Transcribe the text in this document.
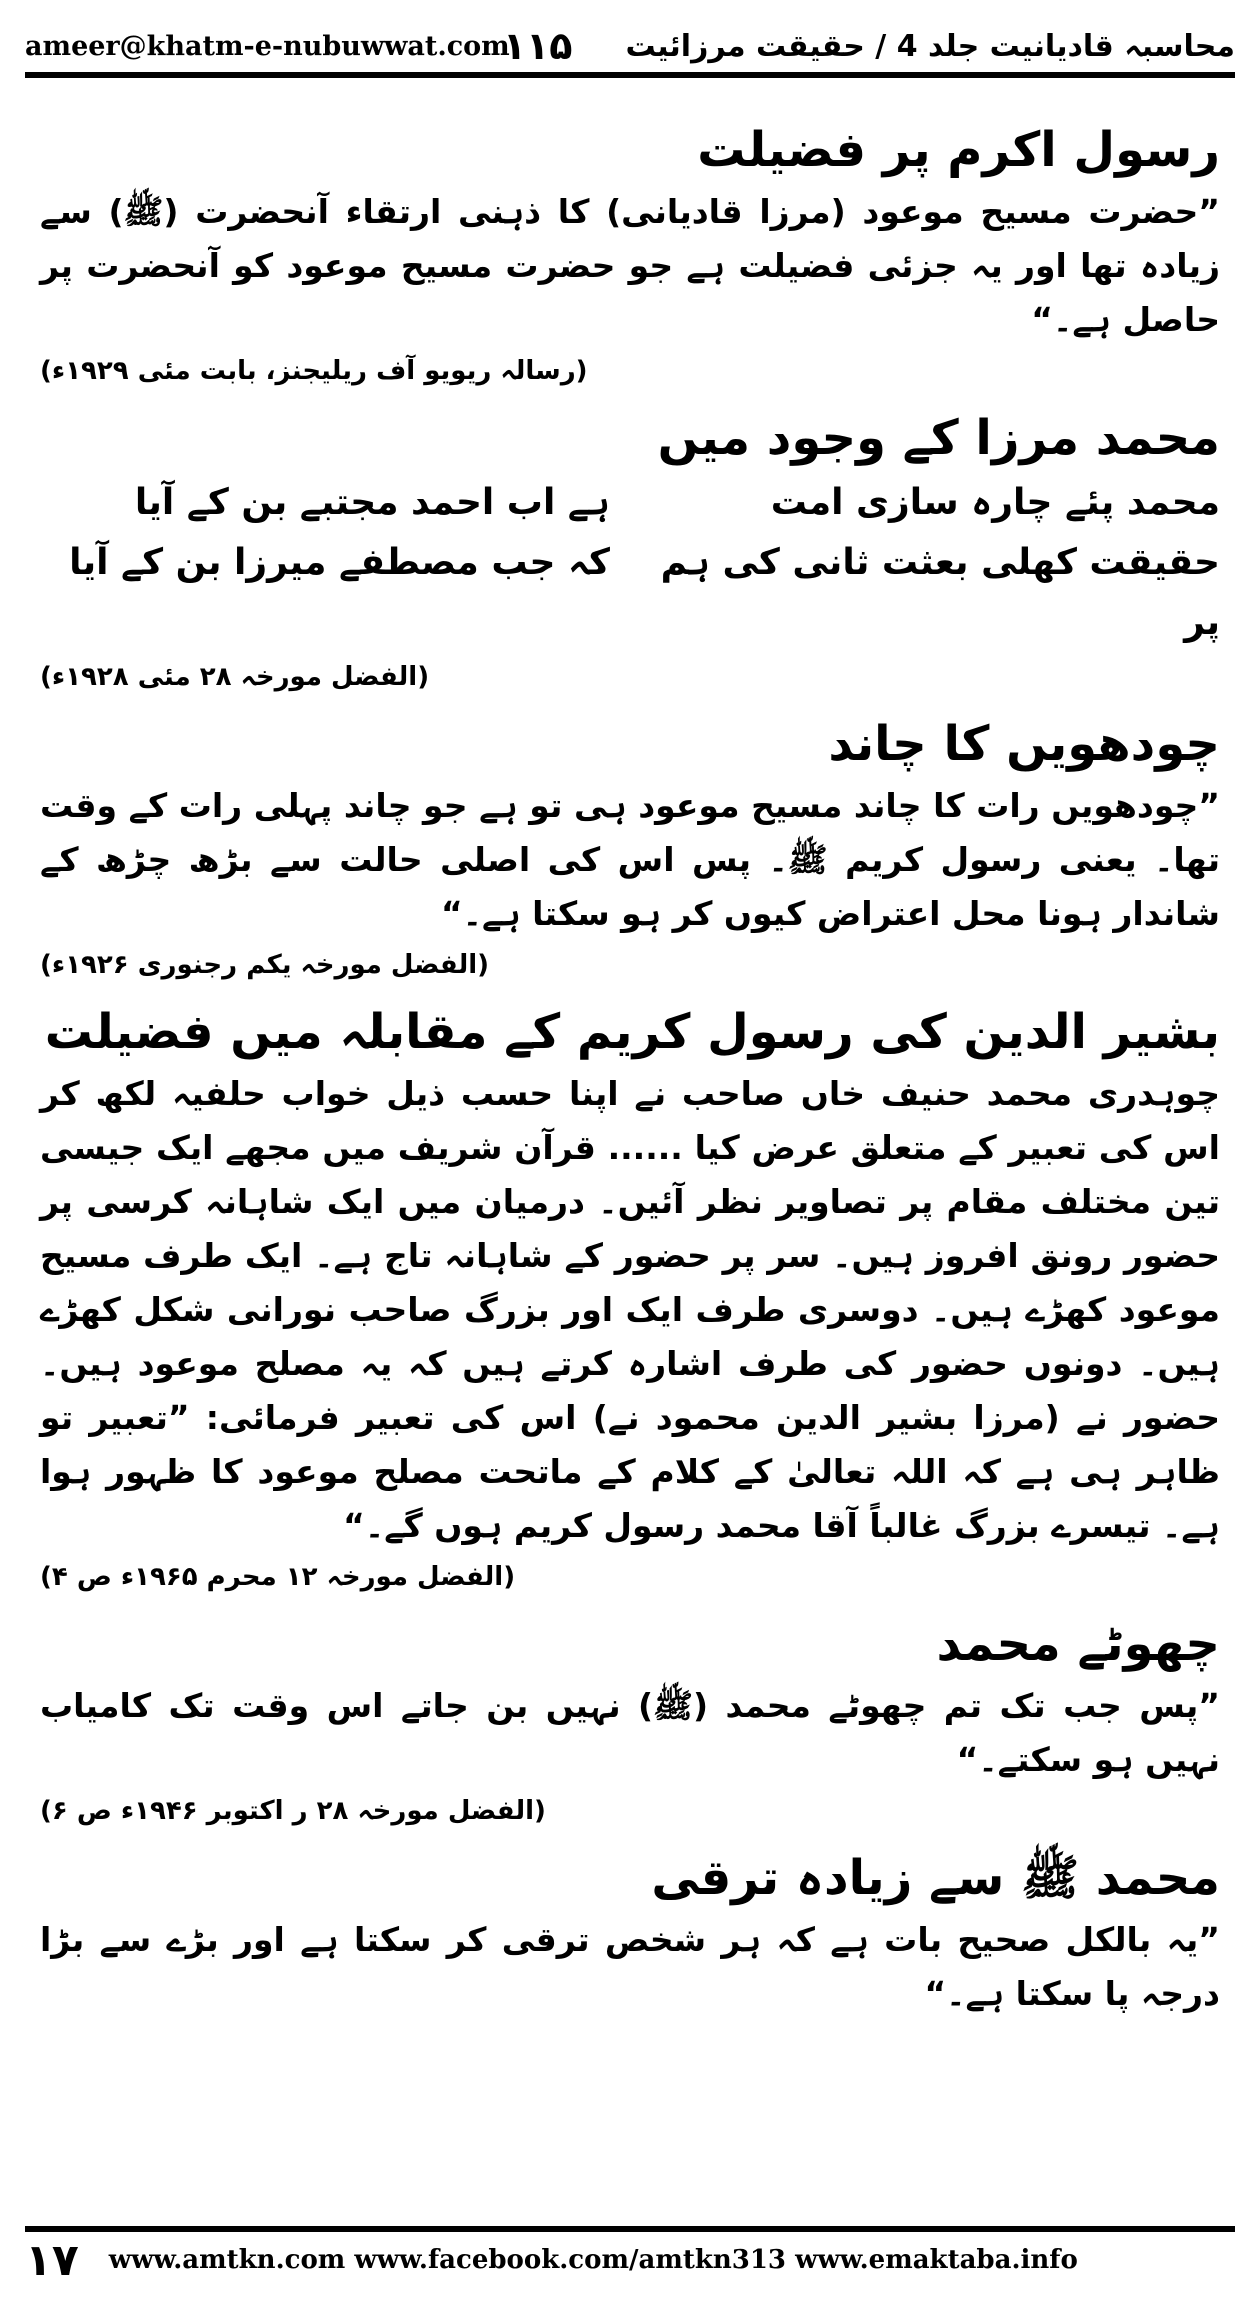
ameer@khatm-e-nubuwwat.com
۱۱۵ محاسبہ قادیانیت جلد 4 / حقیقت مرزائیت
رسول اکرم پر فضیلت

”حضرت مسیح موعود (مرزا قادیانی) کا ذہنی ارتقاء آنحضرت (ﷺ) سے زیادہ تھا اور یہ جزئی فضیلت ہے جو حضرت مسیح موعود کو آنحضرت پر حاصل ہے۔“

(رسالہ ریویو آف ریلیجنز، بابت مئی ۱۹۲۹ء)
محمد مرزا کے وجود میں
محمد پئے چارہ سازی امت
ہے اب احمد مجتبے بن کے آیا
حقیقت کھلی بعثت ثانی کی ہم پر
کہ جب مصطفے میرزا بن کے آیا
(الفضل مورخہ ۲۸ مئی ۱۹۲۸ء)
چودھویں کا چاند

”چودھویں رات کا چاند مسیح موعود ہی تو ہے جو چاند پہلی رات کے وقت تھا۔ یعنی رسول کریم ﷺ۔ پس اس کی اصلی حالت سے بڑھ چڑھ کے شاندار ہونا محل اعتراض کیوں کر ہو سکتا ہے۔“

(الفضل مورخہ یکم رجنوری ۱۹۲۶ء)
بشیر الدین کی رسول کریم کے مقابلہ میں فضیلت

چوہدری محمد حنیف خاں صاحب نے اپنا حسب ذیل خواب حلفیہ لکھ کر اس کی تعبیر کے متعلق عرض کیا ...... قرآن شریف میں مجھے ایک جیسی تین مختلف مقام پر تصاویر نظر آئیں۔ درمیان میں ایک شاہانہ کرسی پر حضور رونق افروز ہیں۔ سر پر حضور کے شاہانہ تاج ہے۔ ایک طرف مسیح موعود کھڑے ہیں۔ دوسری طرف ایک اور بزرگ صاحب نورانی شکل کھڑے ہیں۔ دونوں حضور کی طرف اشارہ کرتے ہیں کہ یہ مصلح موعود ہیں۔ حضور نے (مرزا بشیر الدین محمود نے) اس کی تعبیر فرمائی: ”تعبیر تو ظاہر ہی ہے کہ اللہ تعالیٰ کے کلام کے ماتحت مصلح موعود کا ظہور ہوا ہے۔ تیسرے بزرگ غالباً آقا محمد رسول کریم ہوں گے۔“

(الفضل مورخہ ۱۲ محرم ۱۹۶۵ء ص ۴)
چھوٹے محمد

”پس جب تک تم چھوٹے محمد (ﷺ) نہیں بن جاتے اس وقت تک کامیاب نہیں ہو سکتے۔“

(الفضل مورخہ ۲۸ ر اکتوبر ۱۹۴۶ء ص ۶)
محمد ﷺ سے زیادہ ترقی

”یہ بالکل صحیح بات ہے کہ ہر شخص ترقی کر سکتا ہے اور بڑے سے بڑا درجہ پا سکتا ہے۔“

۱۷ www.amtkn.com www.facebook.com/amtkn313 www.emaktaba.info
